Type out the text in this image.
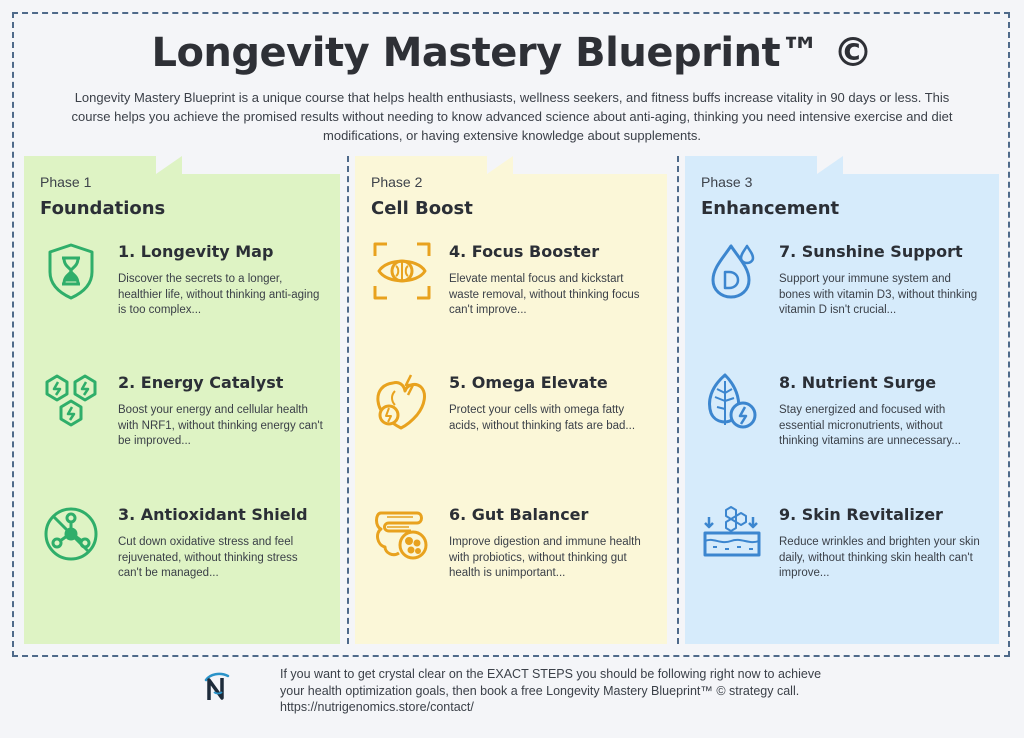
Longevity Mastery Blueprint™ ©
Longevity Mastery Blueprint is a unique course that helps health enthusiasts, wellness seekers, and fitness buffs increase vitality in 90 days or less. This course helps you achieve the promised results without needing to know advanced science about anti-aging, thinking you need intensive exercise and diet modifications, or having extensive knowledge about supplements.
Phase 1
Foundations
1. Longevity Map
Discover the secrets to a longer, healthier life, without thinking anti-aging is too complex...
2. Energy Catalyst
Boost your energy and cellular health with NRF1, without thinking energy can't be improved...
3. Antioxidant Shield
Cut down oxidative stress and feel rejuvenated, without thinking stress can't be managed...
Phase 2
Cell Boost
4. Focus Booster
Elevate mental focus and kickstart waste removal, without thinking focus can't improve...
5. Omega Elevate
Protect your cells with omega fatty acids, without thinking fats are bad...
6. Gut Balancer
Improve digestion and immune health with probiotics, without thinking gut health is unimportant...
Phase 3
Enhancement
7. Sunshine Support
Support your immune system and bones with vitamin D3, without thinking vitamin D isn't crucial...
8. Nutrient Surge
Stay energized and focused with essential micronutrients, without thinking vitamins are unnecessary...
9. Skin Revitalizer
Reduce wrinkles and brighten your skin daily, without thinking skin health can't improve...
If you want to get crystal clear on the EXACT STEPS you should be following right now to achieve
your health optimization goals, then book a free Longevity Mastery Blueprint™ © strategy call.
https://nutrigenomics.store/contact/
